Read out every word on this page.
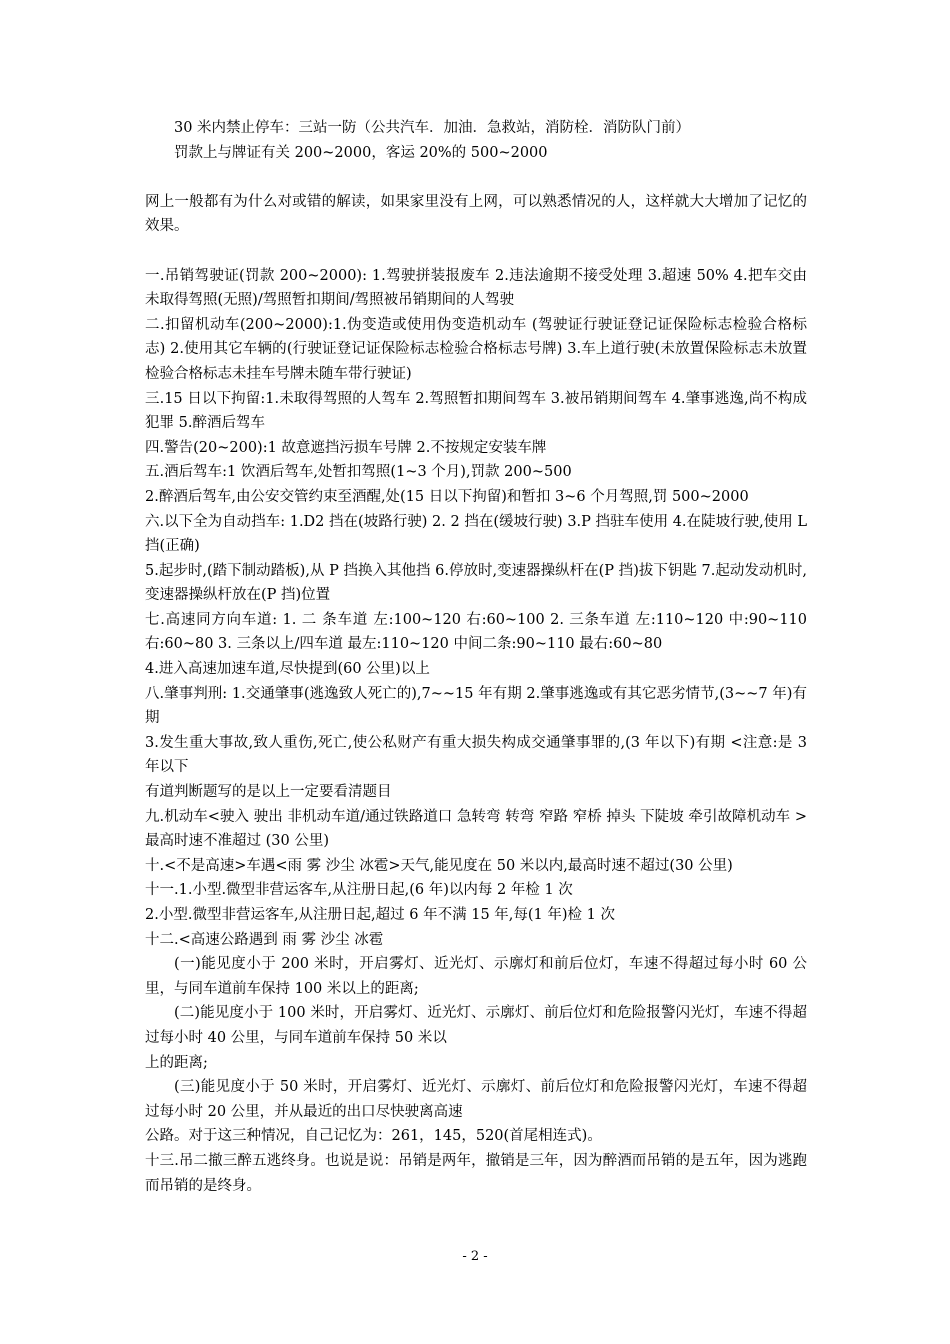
30 米内禁止停车：三站一防（公共汽车．加油．急救站，消防栓．消防队门前）

罚款上与牌证有关 200~2000，客运 20%的 500~2000

网上一般都有为什么对或错的解读，如果家里没有上网，可以熟悉情况的人，这样就大大增加了记忆的效果。

一.吊销驾驶证(罚款 200~2000): 1.驾驶拼装报废车 2.违法逾期不接受处理 3.超速 50% 4.把车交由未取得驾照(无照)/驾照暂扣期间/驾照被吊销期间的人驾驶

二.扣留机动车(200~2000):1.伪变造或使用伪变造机动车 (驾驶证行驶证登记证保险标志检验合格标志) 2.使用其它车辆的(行驶证登记证保险标志检验合格标志号牌) 3.车上道行驶(未放置保险标志未放置检验合格标志未挂车号牌未随车带行驶证)

三.15 日以下拘留:1.未取得驾照的人驾车 2.驾照暂扣期间驾车 3.被吊销期间驾车 4.肇事逃逸,尚不构成犯罪 5.醉酒后驾车

四.警告(20~200):1 故意遮挡污损车号牌 2.不按规定安装车牌

五.酒后驾车:1 饮酒后驾车,处暂扣驾照(1~3 个月),罚款 200~500

2.醉酒后驾车,由公安交管约束至酒醒,处(15 日以下拘留)和暂扣 3~6 个月驾照,罚 500~2000

六.以下全为自动挡车: 1.D2 挡在(坡路行驶) 2. 2 挡在(缓坡行驶) 3.P 挡驻车使用 4.在陡坡行驶,使用 L 挡(正确)

5.起步时,(踏下制动踏板),从 P 挡换入其他挡 6.停放时,变速器操纵杆在(P 挡)拔下钥匙 7.起动发动机时,变速器操纵杆放在(P 挡)位置

七.高速同方向车道: 1. 二 条车道 左:100~120 右:60~100 2. 三条车道 左:110~120 中:90~110 右:60~80 3. 三条以上/四车道 最左:110~120 中间二条:90~110 最右:60~80

4.进入高速加速车道,尽快提到(60 公里)以上

八.肇事判刑: 1.交通肇事(逃逸致人死亡的),7~~15 年有期 2.肇事逃逸或有其它恶劣情节,(3~~7 年)有期

3.发生重大事故,致人重伤,死亡,使公私财产有重大损失构成交通肇事罪的,(3 年以下)有期 <注意:是 3 年以下

有道判断题写的是以上一定要看清题目

九.机动车<驶入 驶出 非机动车道/通过铁路道口 急转弯 转弯 窄路 窄桥 掉头 下陡坡 牵引故障机动车 > 最高时速不准超过 (30 公里)

十.<不是高速>车遇<雨 雾 沙尘 冰雹>天气,能见度在 50 米以内,最高时速不超过(30 公里)

十一.1.小型.微型非营运客车,从注册日起,(6 年)以内每 2 年检 1 次

2.小型.微型非营运客车,从注册日起,超过 6 年不满 15 年,每(1 年)检 1 次

十二.<高速公路遇到 雨 雾 沙尘 冰雹

(一)能见度小于 200 米时，开启雾灯、近光灯、示廓灯和前后位灯，车速不得超过每小时 60 公里，与同车道前车保持 100 米以上的距离;

(二)能见度小于 100 米时，开启雾灯、近光灯、示廓灯、前后位灯和危险报警闪光灯，车速不得超过每小时 40 公里，与同车道前车保持 50 米以

上的距离;

(三)能见度小于 50 米时，开启雾灯、近光灯、示廓灯、前后位灯和危险报警闪光灯，车速不得超过每小时 20 公里，并从最近的出口尽快驶离高速

公路。对于这三种情况，自己记忆为：261，145，520(首尾相连式)。

十三.吊二撤三醉五逃终身。也说是说：吊销是两年，撤销是三年，因为醉酒而吊销的是五年，因为逃跑而吊销的是终身。

- 2 -
